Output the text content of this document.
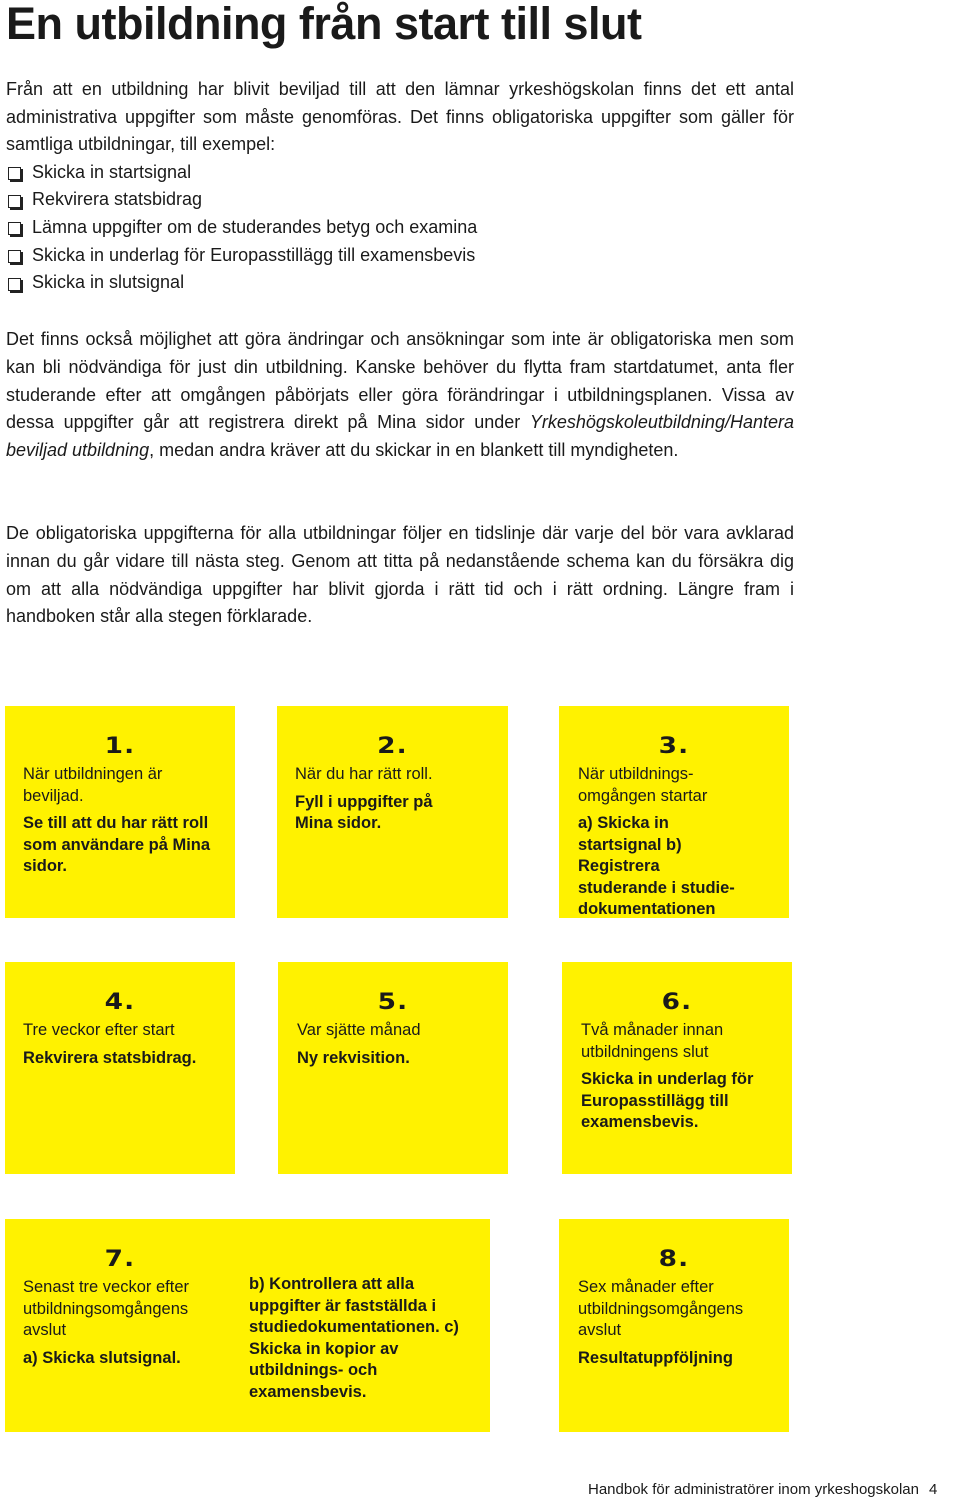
En utbildning från start till slut

Från att en utbildning har blivit beviljad till att den lämnar yrkeshögskolan finns det ett antal administrativa uppgifter som måste genomföras. Det finns obligatoriska uppgifter som gäller för samtliga utbildningar, till exempel:

Skicka in startsignal
Rekvirera statsbidrag
Lämna uppgifter om de studerandes betyg och examina
Skicka in underlag för Europasstillägg till examensbevis
Skicka in slutsignal
Det finns också möjlighet att göra ändringar och ansökningar som inte är obligatoriska men som kan bli nödvändiga för just din utbildning. Kanske behöver du flytta fram startdatumet, anta fler studerande efter att omgången påbörjats eller göra förändringar i utbildningsplanen. Vissa av dessa uppgifter går att registrera direkt på Mina sidor under Yrkeshögskoleutbildning/Hantera beviljad utbildning, medan andra kräver att du skickar in en blankett till myndigheten.
De obligatoriska uppgifterna för alla utbildningar följer en tidslinje där varje del bör vara avklarad innan du går vidare till nästa steg. Genom att titta på nedanstående schema kan du försäkra dig om att alla nödvändiga uppgifter har blivit gjorda i rätt tid och i rätt ordning. Längre fram i handboken står alla stegen förklarade.
1.
När utbildningen är beviljad.
Se till att du har rätt roll som användare på Mina sidor.
2.
När du har rätt roll.
Fyll i uppgifter på Mina sidor.
3.
När utbildnings-omgången startar
a) Skicka in startsignal b) Registrera studerande i studie-dokumentationen
4.
Tre veckor efter start
Rekvirera statsbidrag.
5.
Var sjätte månad
Ny rekvisition.
6.
Två månader innan utbildningens slut
Skicka in underlag för Europasstillägg till examensbevis.
7.
Senast tre veckor efter utbildningsomgångens avslut
a) Skicka slutsignal.
b) Kontrollera att alla uppgifter är fastställda i studiedokumentationen. c) Skicka in kopior av utbildnings- och examensbevis.
8.
Sex månader efter utbildningsomgångens avslut
Resultatuppföljning
Handbok för administratörer inom yrkeshogskolan 4
